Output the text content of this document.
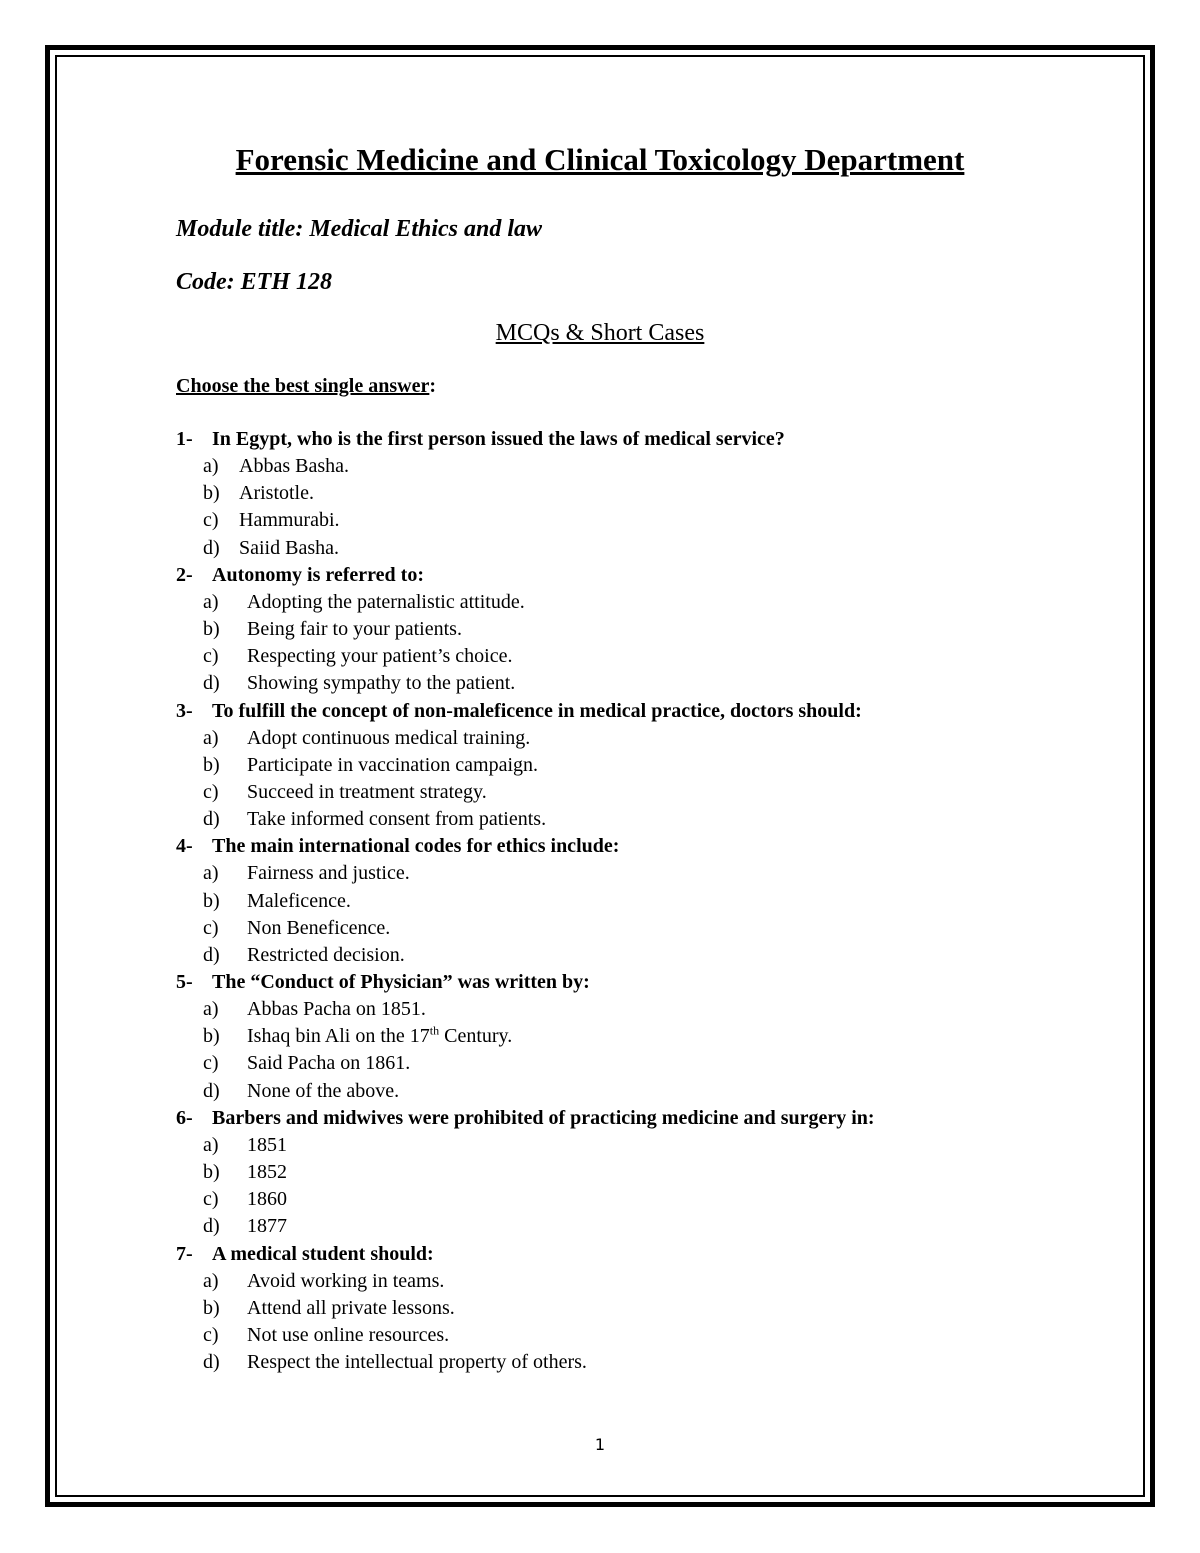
Forensic Medicine and Clinical Toxicology Department
Module title: Medical Ethics and law
Code: ETH 128
MCQs & Short Cases
Choose the best single answer:
1- In Egypt, who is the first person issued the laws of medical service?
a) Abbas Basha.
b) Aristotle.
c) Hammurabi.
d) Saiid Basha.
2- Autonomy is referred to:
a) Adopting the paternalistic attitude.
b) Being fair to your patients.
c) Respecting your patient’s choice.
d) Showing sympathy to the patient.
3- To fulfill the concept of non-maleficence in medical practice, doctors should:
a) Adopt continuous medical training.
b) Participate in vaccination campaign.
c) Succeed in treatment strategy.
d) Take informed consent from patients.
4- The main international codes for ethics include:
a) Fairness and justice.
b) Maleficence.
c) Non Beneficence.
d) Restricted decision.
5- The “Conduct of Physician” was written by:
a) Abbas Pacha on 1851.
b) Ishaq bin Ali on the 17th Century.
c) Said Pacha on 1861.
d) None of the above.
6- Barbers and midwives were prohibited of practicing medicine and surgery in:
a) 1851
b) 1852
c) 1860
d) 1877
7- A medical student should:
a) Avoid working in teams.
b) Attend all private lessons.
c) Not use online resources.
d) Respect the intellectual property of others.
1
